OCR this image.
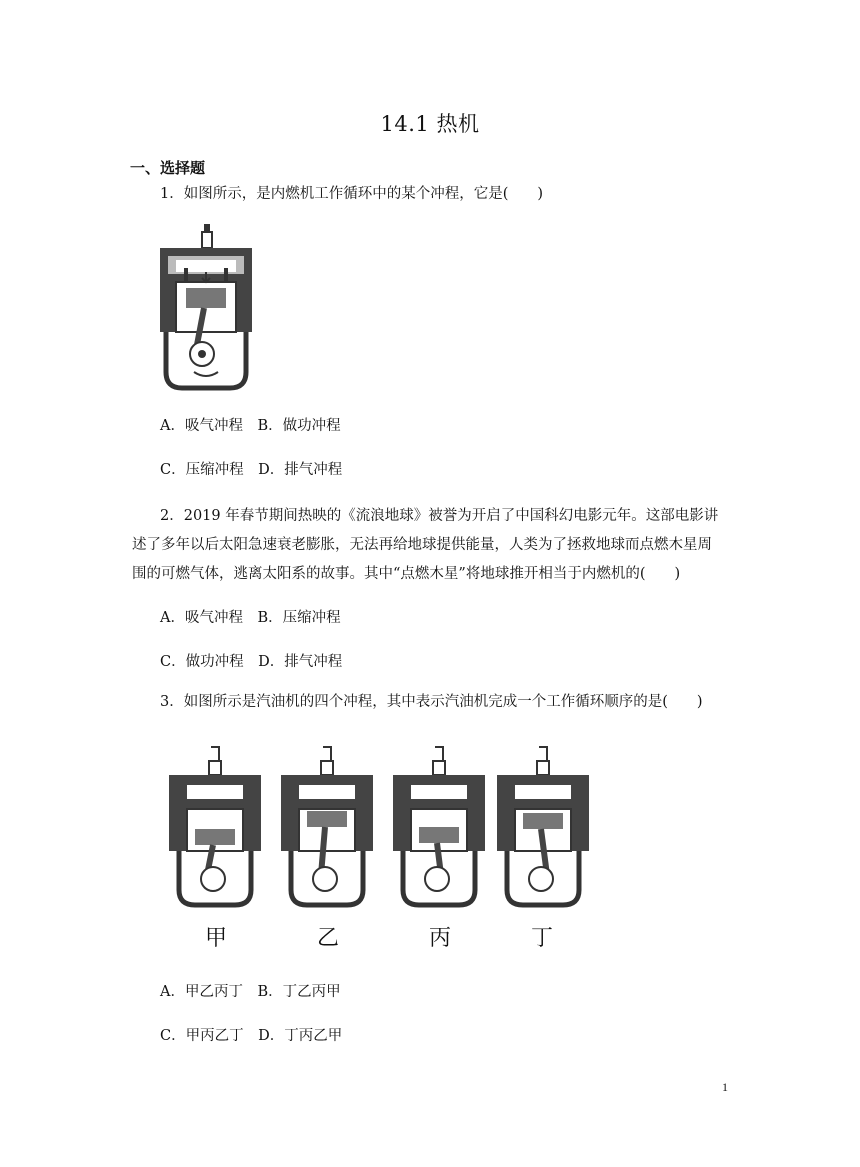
14.1 热机
一、选择题
1．如图所示，是内燃机工作循环中的某个冲程，它是(　　)
A．吸气冲程　B．做功冲程
C．压缩冲程　D．排气冲程
2．2019 年春节期间热映的《流浪地球》被誉为开启了中国科幻电影元年。这部电影讲
述了多年以后太阳急速衰老膨胀，无法再给地球提供能量，人类为了拯救地球而点燃木星周
围的可燃气体，逃离太阳系的故事。其中“点燃木星”将地球推开相当于内燃机的(　　)
A．吸气冲程　B．压缩冲程
C．做功冲程　D．排气冲程
3．如图所示是汽油机的四个冲程，其中表示汽油机完成一个工作循环顺序的是(　　)
甲	乙	丙	丁
A．甲乙丙丁　B．丁乙丙甲
C．甲丙乙丁　D．丁丙乙甲
1
